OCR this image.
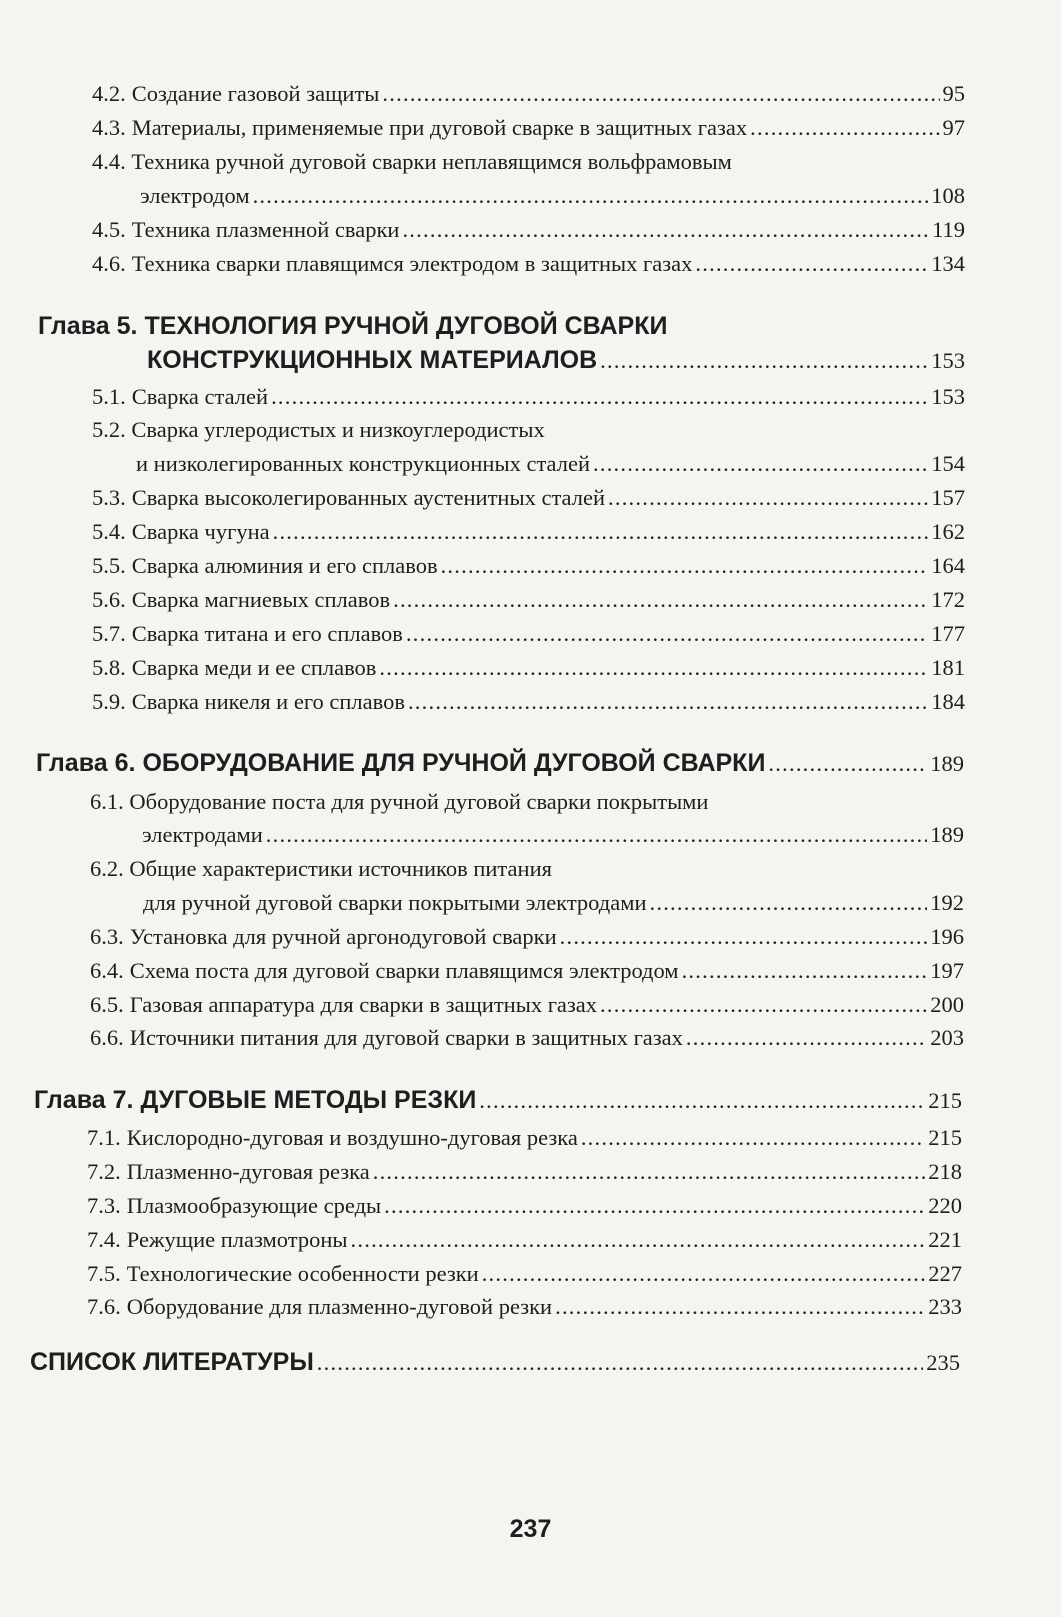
4.2. Создание газовой защиты . . .	95
4.3. Материалы, применяемые при дуговой сварке в защитных газах . . .	97
4.4. Техника ручной дуговой сварки неплавящимся вольфрамовым
электродом . . .	108
4.5. Техника плазменной сварки . . .	119
4.6. Техника сварки плавящимся электродом в защитных газах . . .	134
Глава 5. ТЕХНОЛОГИЯ РУЧНОЙ ДУГОВОЙ СВАРКИ
КОНСТРУКЦИОННЫХ МАТЕРИАЛОВ . . .	153
5.1. Сварка сталей . . .	153
5.2. Сварка углеродистых и низкоуглеродистых
и низколегированных конструкционных сталей . . .	154
5.3. Сварка высоколегированных аустенитных сталей . . .	157
5.4. Сварка чугуна . . .	162
5.5. Сварка алюминия и его сплавов . . .	164
5.6. Сварка магниевых сплавов . . .	172
5.7. Сварка титана и его сплавов . . .	177
5.8. Сварка меди и ее сплавов . . .	181
5.9. Сварка никеля и его сплавов . . .	184
Глава 6. ОБОРУДОВАНИЕ ДЛЯ РУЧНОЙ ДУГОВОЙ СВАРКИ . . .	189
6.1. Оборудование поста для ручной дуговой сварки покрытыми
электродами . . .	189
6.2. Общие характеристики источников питания
для ручной дуговой сварки покрытыми электродами . . .	192
6.3. Установка для ручной аргонодуговой сварки . . .	196
6.4. Схема поста для дуговой сварки плавящимся электродом . . .	197
6.5. Газовая аппаратура для сварки в защитных газах . . .	200
6.6. Источники питания для дуговой сварки в защитных газах . . .	203
Глава 7. ДУГОВЫЕ МЕТОДЫ РЕЗКИ . . .	215
7.1. Кислородно-дуговая и воздушно-дуговая резка . . .	215
7.2. Плазменно-дуговая резка . . .	218
7.3. Плазмообразующие среды . . .	220
7.4. Режущие плазмотроны . . .	221
7.5. Технологические особенности резки . . .	227
7.6. Оборудование для плазменно-дуговой резки . . .	233
СПИСОК ЛИТЕРАТУРЫ . . .	235
237
